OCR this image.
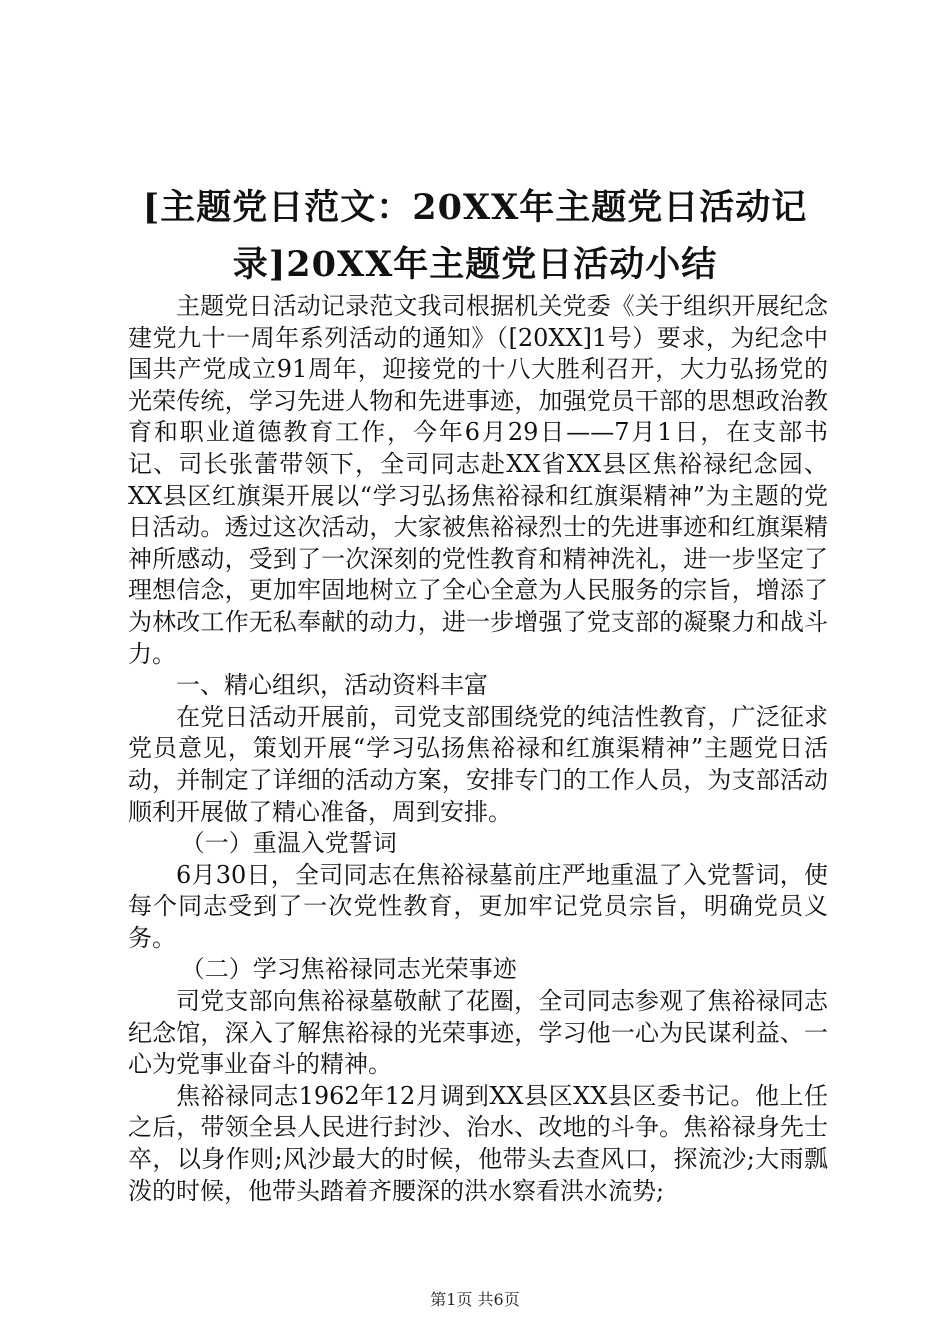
[主题党日范文：20XX年主题党日活动记
录]20XX年主题党日活动小结

主题党日活动记录范文我司根据机关党委《关于组织开展纪念建党九十一周年系列活动的通知》（[20XX]1号）要求，为纪念中国共产党成立91周年，迎接党的十八大胜利召开，大力弘扬党的光荣传统，学习先进人物和先进事迹，加强党员干部的思想政治教育和职业道德教育工作，今年6月29日——7月1日，在支部书记、司长张蕾带领下，全司同志赴XX省XX县区焦裕禄纪念园、XX县区红旗渠开展以“学习弘扬焦裕禄和红旗渠精神”为主题的党日活动。透过这次活动，大家被焦裕禄烈士的先进事迹和红旗渠精神所感动，受到了一次深刻的党性教育和精神洗礼，进一步坚定了理想信念，更加牢固地树立了全心全意为人民服务的宗旨，增添了为林改工作无私奉献的动力，进一步增强了党支部的凝聚力和战斗力。

一、精心组织，活动资料丰富

在党日活动开展前，司党支部围绕党的纯洁性教育，广泛征求党员意见，策划开展“学习弘扬焦裕禄和红旗渠精神”主题党日活动，并制定了详细的活动方案，安排专门的工作人员，为支部活动顺利开展做了精心准备，周到安排。

（一）重温入党誓词

6月30日，全司同志在焦裕禄墓前庄严地重温了入党誓词，使每个同志受到了一次党性教育，更加牢记党员宗旨，明确党员义务。

（二）学习焦裕禄同志光荣事迹

司党支部向焦裕禄墓敬献了花圈，全司同志参观了焦裕禄同志纪念馆，深入了解焦裕禄的光荣事迹，学习他一心为民谋利益、一心为党事业奋斗的精神。

焦裕禄同志1962年12月调到XX县区XX县区委书记。他上任之后，带领全县人民进行封沙、治水、改地的斗争。焦裕禄身先士卒，以身作则;风沙最大的时候，他带头去查风口，探流沙;大雨瓢泼的时候，他带头踏着齐腰深的洪水察看洪水流势;

第1页 共6页
